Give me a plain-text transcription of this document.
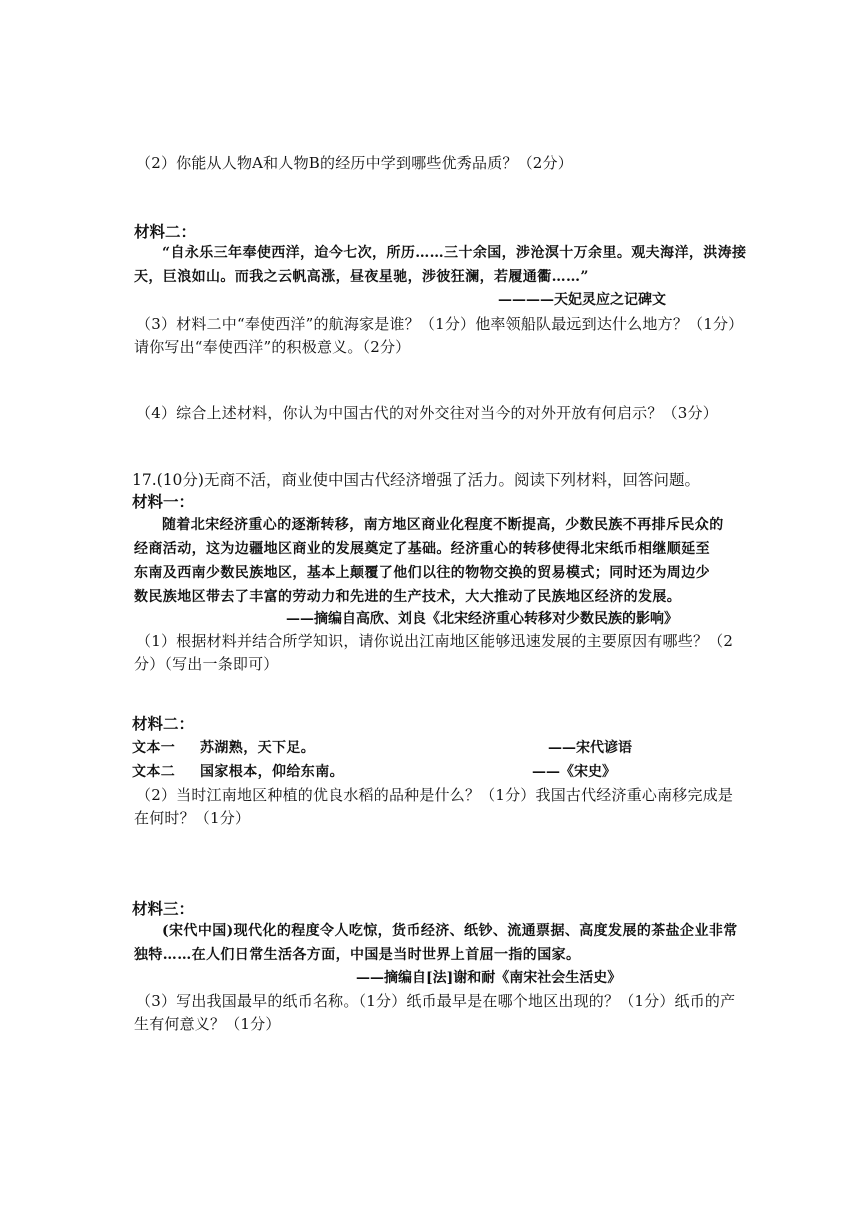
（2）你能从人物A和人物B的经历中学到哪些优秀品质？（2分）
材料二：
“自永乐三年奉使西洋，迨今七次，所历……三十余国，涉沧溟十万余里。观夫海洋，洪涛接
天，巨浪如山。而我之云帆高涨，昼夜星驰，涉彼狂澜，若履通衢……”
————天妃灵应之记碑文
（3）材料二中“奉使西洋”的航海家是谁？（1分）他率领船队最远到达什么地方？（1分）
请你写出“奉使西洋”的积极意义。（2分）
（4）综合上述材料，你认为中国古代的对外交往对当今的对外开放有何启示？（3分）
17.(10分)无商不活，商业使中国古代经济增强了活力。阅读下列材料，回答问题。
材料一：
随着北宋经济重心的逐渐转移，南方地区商业化程度不断提高，少数民族不再排斥民众的
经商活动，这为边疆地区商业的发展奠定了基础。经济重心的转移使得北宋纸币相继顺延至
东南及西南少数民族地区，基本上颠覆了他们以往的物物交换的贸易模式；同时还为周边少
数民族地区带去了丰富的劳动力和先进的生产技术，大大推动了民族地区经济的发展。
——摘编自高欣、刘良《北宋经济重心转移对少数民族的影响》
（1）根据材料并结合所学知识，请你说出江南地区能够迅速发展的主要原因有哪些？（2
分）（写出一条即可）
材料二：
文本一 苏湖熟，天下足。	——宋代谚语
文本二 国家根本，仰给东南。	——《宋史》
（2）当时江南地区种植的优良水稻的品种是什么？（1分）我国古代经济重心南移完成是
在何时？（1分）
材料三：
(宋代中国)现代化的程度令人吃惊，货币经济、纸钞、流通票据、高度发展的茶盐企业非常
独特……在人们日常生活各方面，中国是当时世界上首屈一指的国家。
——摘编自[法]谢和耐《南宋社会生活史》
（3）写出我国最早的纸币名称。（1分）纸币最早是在哪个地区出现的？（1分）纸币的产
生有何意义？（1分）
